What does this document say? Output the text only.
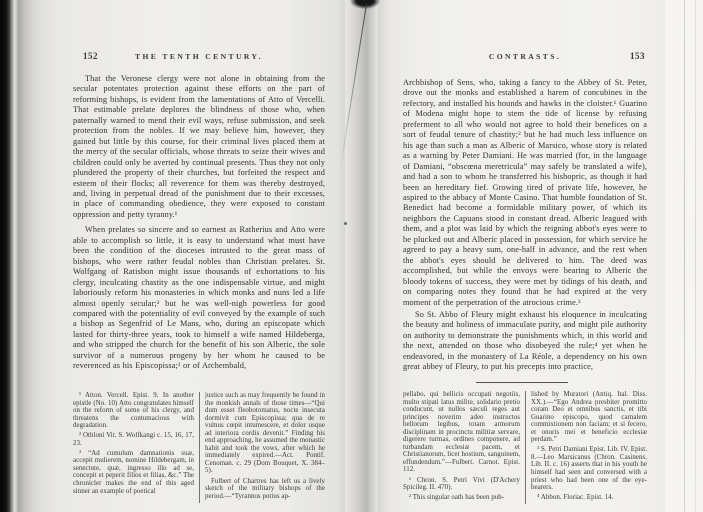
152	THE TENTH CENTURY.

That the Veronese clergy were not alone in obtaining from the secular potentates protection against these efforts on the part of reforming bishops, is evident from the lamentations of Atto of Vercelli. That estimable prelate deplores the blindness of those who, when paternally warned to mend their evil ways, refuse submission, and seek protection from the nobles. If we may believe him, however, they gained but little by this course, for their criminal lives placed them at the mercy of the secular officials, whose threats to seize their wives and children could only be averted by continual presents. Thus they not only plundered the property of their churches, but forfeited the respect and esteem of their flocks; all reverence for them was thereby destroyed, and, living in perpetual dread of the punishment due to their excesses, in place of commanding obedience, they were exposed to constant oppression and petty tyranny.¹

When prelates so sincere and so earnest as Ratherius and Atto were able to accomplish so little, it is easy to understand what must have been the condition of the dioceses intrusted to the great mass of bishops, who were rather feudal nobles than Christian prelates. St. Wolfgang of Ratisbon might issue thousands of exhortations to his clergy, inculcating chastity as the one indispensable virtue, and might laboriously reform his monasteries in which monks and nuns led a life almost openly secular;² but he was well-nigh powerless for good compared with the potentiality of evil conveyed by the example of such a bishop as Segenfrid of Le Mans, who, during an episcopate which lasted for thirty-three years, took to himself a wife named Hildeberga, and who stripped the church for the benefit of his son Alberic, the sole survivor of a numerous progeny by her whom he caused to be reverenced as his Episcopissa;³ or of Archembald,

¹ Atton. Vercell. Epist. 9. In another epistle (No. 10) Atto congratulates himself on the reform of some of his clergy, and threatens the contumacious with degradation.

² Othloni Vit. S. Wolfkangi c. 15, 16, 17, 23.

³ “Ad cumulum damnationis suæ, accepit mulierem, nomine Hildebergam, in senectute, quæ, ingresso illo ad se, concepit et peperit filios et filias, &c.” The chronicler makes the end of this aged sinner an example of poetical

justice such as may frequently be found in the monkish annals of those times—“Qui dum esset fleobotomatus, nocte insecuta dormivit cum Episcopissa; qua de re vulnus cœpit intumescere, et dolor usque ad interiora cordis devenit.” Finding his end approaching, he assumed the monastic habit and took the vows, after which he immediately expired.—Act. Pontif. Cenoman. c. 29 (Dom Bouquet, X. 384–5).

Fulbert of Chartres has left us a lively sketch of the military bishops of the period.—“Tyrannos potius ap-

CONTRASTS.	153

Archbishop of Sens, who, taking a fancy to the Abbey of St. Peter, drove out the monks and established a harem of concubines in the refectory, and installed his hounds and hawks in the cloister.¹ Guarino of Modena might hope to stem the tide of license by refusing preferment to all who would not agree to hold their benefices on a sort of feudal tenure of chastity;² but he had much less influence on his age than such a man as Alberic of Marsico, whose story is related as a warning by Peter Damiani. He was married (for, in the language of Damiani, “obscœna meretricula” may safely be translated a wife), and had a son to whom he transferred his bishopric, as though it had been an hereditary fief. Growing tired of private life, however, he aspired to the abbacy of Monte Casino. That humble foundation of St. Benedict had become a formidable military power, of which its neighbors the Capuans stood in constant dread. Alberic leagued with them, and a plot was laid by which the reigning abbot's eyes were to be plucked out and Alberic placed in possession, for which service he agreed to pay a heavy sum, one-half in advance, and the rest when the abbot's eyes should be delivered to him. The deed was accomplished, but while the envoys were bearing to Alberic the bloody tokens of success, they were met by tidings of his death, and on comparing notes they found that he had expired at the very moment of the perpetration of the atrocious crime.³

So St. Abbo of Fleury might exhaust his eloquence in inculcating the beauty and holiness of immaculate purity, and might pile authority on authority to demonstrate the punishments which, in this world and the next, attended on those who disobeyed the rule;⁴ yet when he endeavored, in the monastery of La Réole, a dependency on his own great abbey of Fleury, to put his precepts into practice,

pellabo, qui bellicis occupati negotiis, multo stipati latus milite, solidario pretio conducunt, ut nullos sæculi reges aut principes noverim adeo instructos bellorum legibus, totam armorum disciplinam in procinctu militiæ servare, digerere turmas, ordines componere, ad turbandam ecclesiæ pacem, et Christianorum, licet hostium, sanguinem, effundendum.”—Fulbert. Carnot. Epist. 112.

¹ Chron. S. Petri Vivi (D'Achery Spicileg. II. 470).

² This singular oath has been pub-

lished by Muratori (Antiq. Ital. Diss. XX.).—“Ego Andrea presbiter promitto coram Deo et omnibus sanctis, et tibi Guarino episcopo, quod carnalem commixtionem non faciam; et si fecero, et onoris mei et beneficio ecclesiæ perdam.”

³ S. Petri Damiani Epist. Lib. IV. Epist. 8.—Leo Marsicanus (Chron. Casinens. Lib. II. c. 16) asserts that in his youth he himself had seen and conversed with a priest who had been one of the eye-bearers.

⁴ Abbon. Floriac. Epist. 14.
